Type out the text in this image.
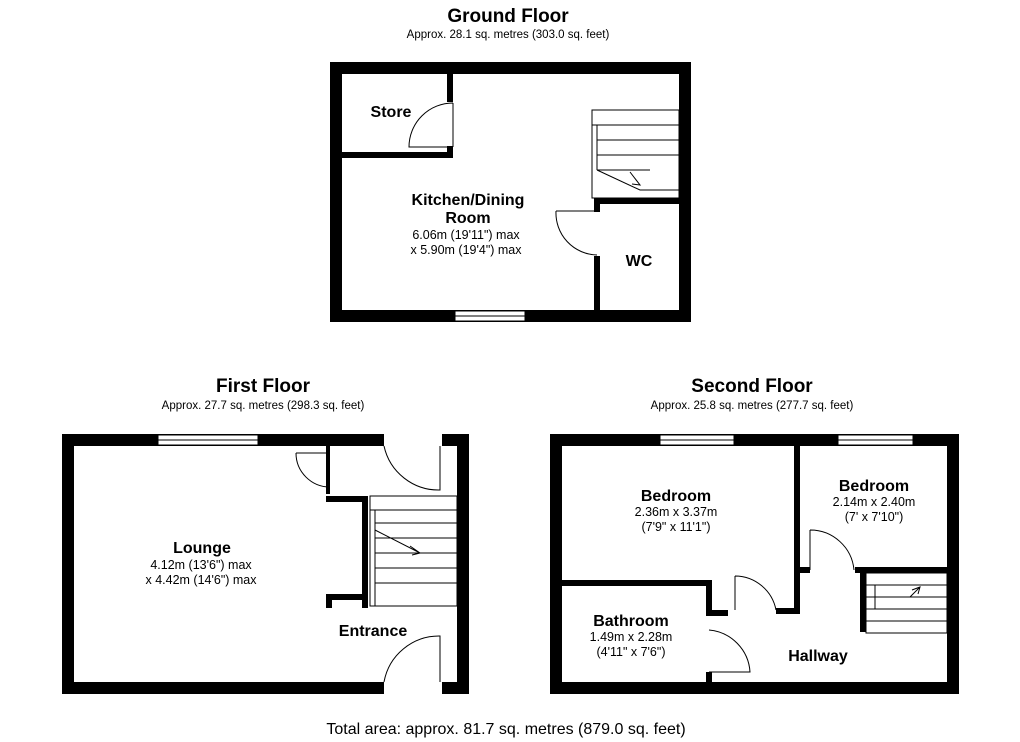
Ground Floor
Approx. 28.1 sq. metres (303.0 sq. feet)
Store
Kitchen/Dining
Room
6.06m (19'11") max
x 5.90m (19'4") max
WC
First Floor
Approx. 27.7 sq. metres (298.3 sq. feet)
Lounge
4.12m (13'6") max
x 4.42m (14'6") max
Entrance
Second Floor
Approx. 25.8 sq. metres (277.7 sq. feet)
Bedroom
2.36m x 3.37m
(7'9" x 11'1")
Bedroom
2.14m x 2.40m
(7' x 7'10")
Bathroom
1.49m x 2.28m
(4'11" x 7'6")	Hallway
Total area: approx. 81.7 sq. metres (879.0 sq. feet)
